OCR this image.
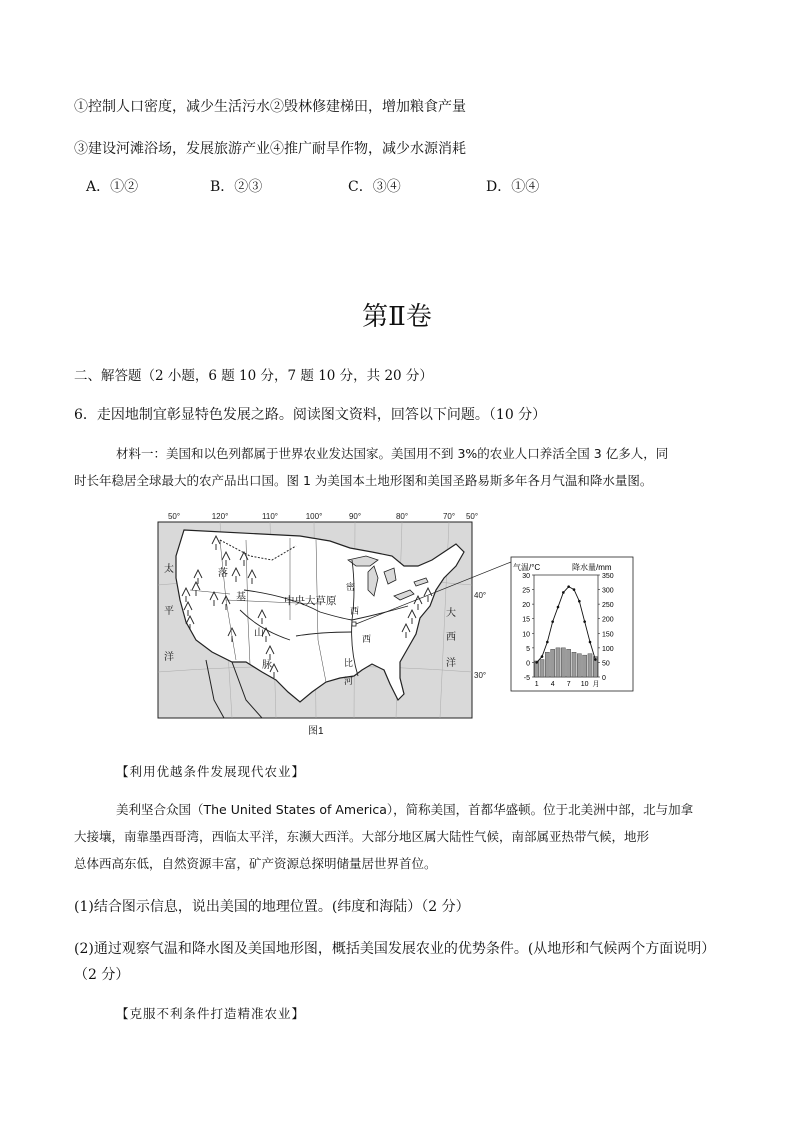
①控制人口密度，减少生活污水②毁林修建梯田，增加粮食产量
③建设河滩浴场，发展旅游产业④推广耐旱作物，减少水源消耗
A．①②	B．②③	C．③④	D．①④
第Ⅱ卷
二、解答题（2 小题，6 题 10 分，7 题 10 分，共 20 分）
6．走因地制宜彰显特色发展之路。阅读图文资料，回答以下问题。（10 分）
材料一：美国和以色列都属于世界农业发达国家。美国用不到 3%的农业人口养活全国 3 亿多人，同
时长年稳居全球最大的农产品出口国。图 1 为美国本土地形图和美国圣路易斯多年各月气温和降水量图。
50°	120°	110°	100°	90°	80°	70° 50°
太
平
洋
大
西
洋
落
基
山
脉
中央大草原
密
西
西
比
河
40°
30°
图1
气温/°C	降水量/mm
30
25
20
15
10
5
0
-5
350
300
250
200
150
100
50
0
1 4 7 10 月
【利用优越条件发展现代农业】
美利坚合众国（The United States of America），简称美国，首都华盛顿。位于北美洲中部，北与加拿
大接壤，南靠墨西哥湾，西临太平洋，东濒大西洋。大部分地区属大陆性气候，南部属亚热带气候，地形
总体西高东低，自然资源丰富，矿产资源总探明储量居世界首位。
(1)结合图示信息，说出美国的地理位置。(纬度和海陆）（2 分）
(2)通过观察气温和降水图及美国地形图，概括美国发展农业的优势条件。(从地形和气候两个方面说明）
（2 分）
【克服不利条件打造精准农业】
